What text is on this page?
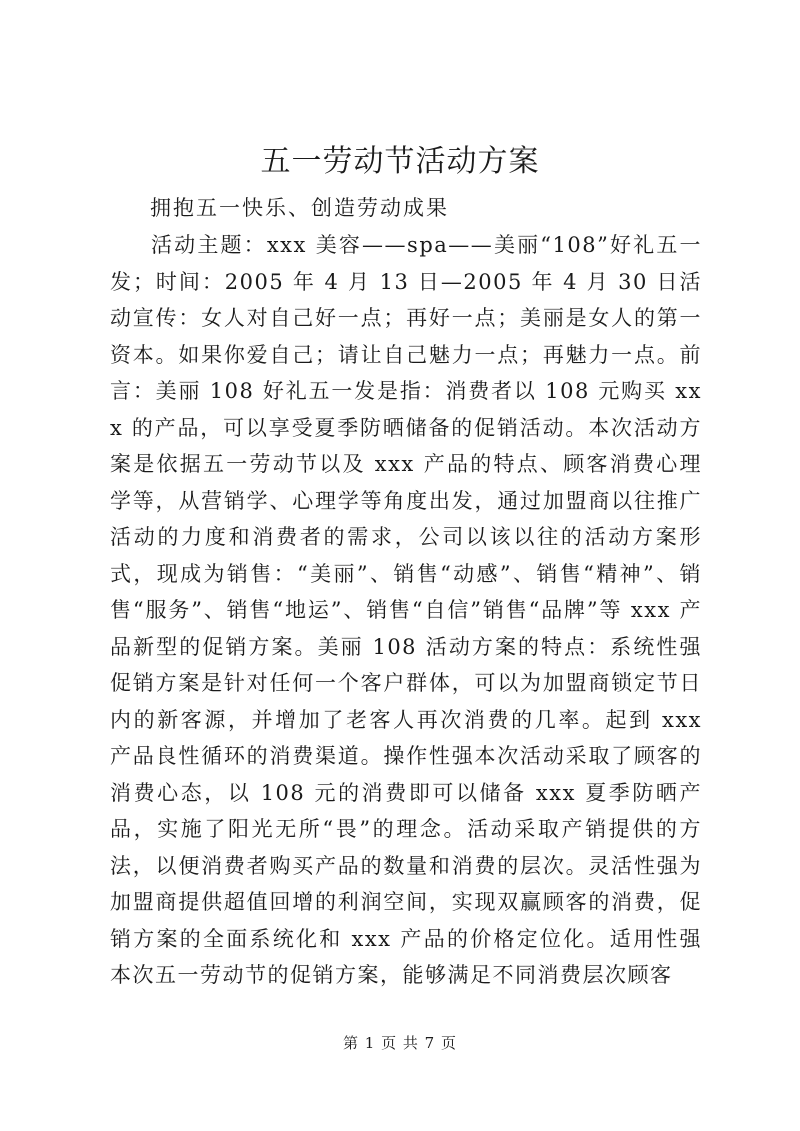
五一劳动节活动方案
拥抱五一快乐、创造劳动成果

活动主题：xxx 美容——spa——美丽“108”好礼五一发；时间：2005 年 4 月 13 日—2005 年 4 月 30 日活动宣传：女人对自己好一点；再好一点；美丽是女人的第一资本。如果你爱自己；请让自己魅力一点；再魅力一点。前言：美丽 108 好礼五一发是指：消费者以 108 元购买 xxx 的产品，可以享受夏季防晒储备的促销活动。本次活动方案是依据五一劳动节以及 xxx 产品的特点、顾客消费心理学等，从营销学、心理学等角度出发，通过加盟商以往推广活动的力度和消费者的需求，公司以该以往的活动方案形式，现成为销售：“美丽”、销售“动感”、销售“精神”、销售“服务”、销售“地运”、销售“自信”销售“品牌”等 xxx 产品新型的促销方案。美丽 108 活动方案的特点：系统性强促销方案是针对任何一个客户群体，可以为加盟商锁定节日内的新客源，并增加了老客人再次消费的几率。起到 xxx 产品良性循环的消费渠道。操作性强本次活动采取了顾客的消费心态，以 108 元的消费即可以储备 xxx 夏季防晒产品，实施了阳光无所“畏”的理念。活动采取产销提供的方法，以便消费者购买产品的数量和消费的层次。灵活性强为加盟商提供超值回增的利润空间，实现双赢顾客的消费，促销方案的全面系统化和 xxx 产品的价格定位化。适用性强本次五一劳动节的促销方案，能够满足不同消费层次顾客

第 1 页 共 7 页
